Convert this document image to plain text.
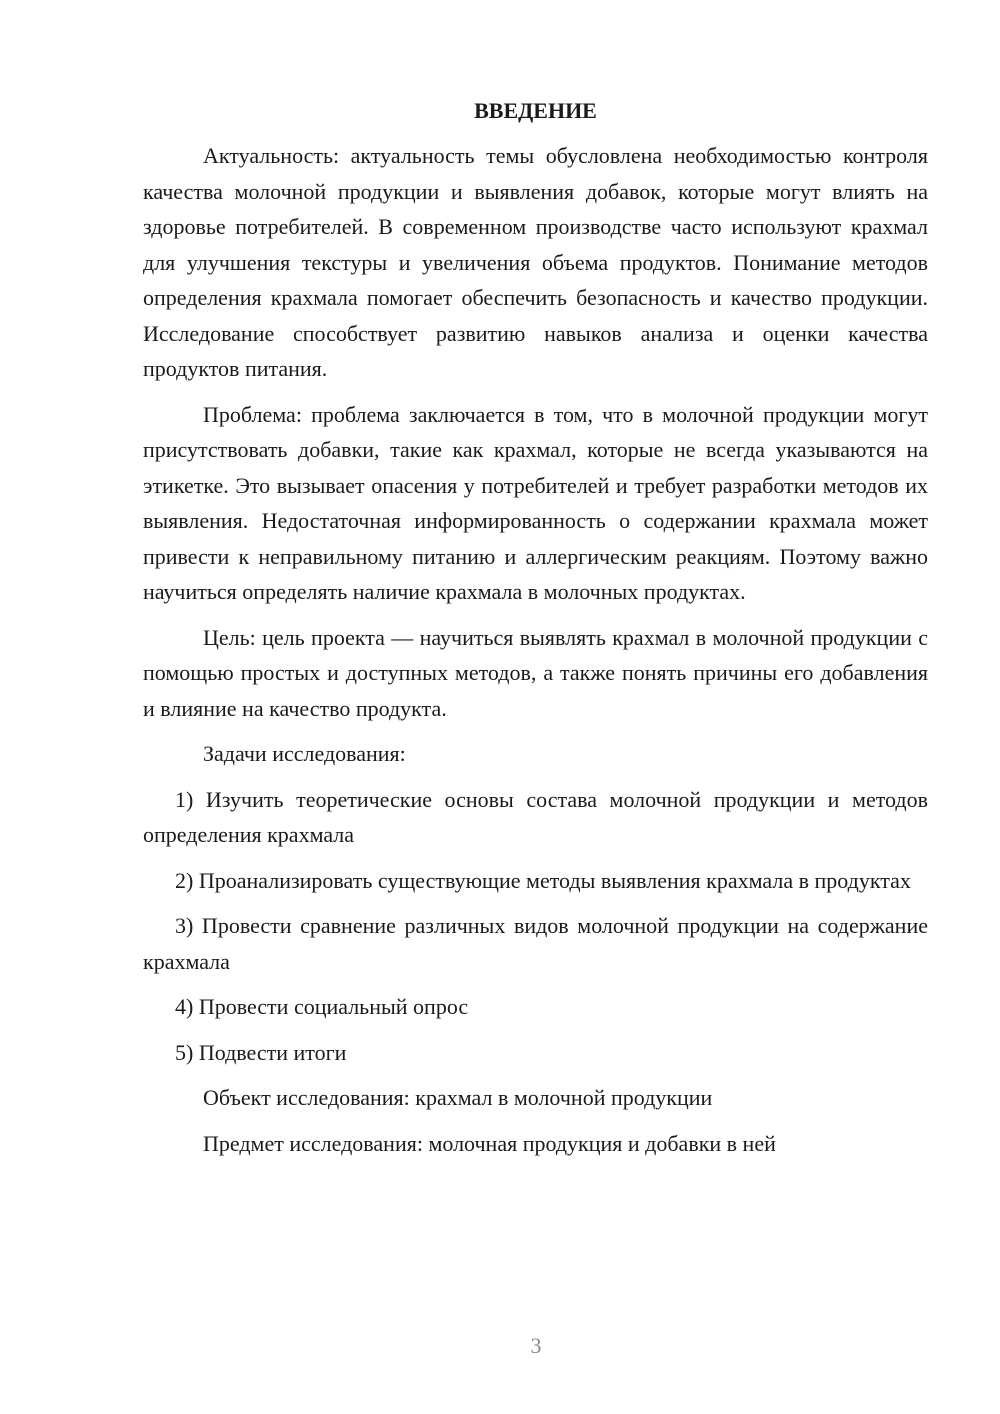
ВВЕДЕНИЕ
Актуальность: актуальность темы обусловлена необходимостью контроля качества молочной продукции и выявления добавок, которые могут влиять на здоровье потребителей. В современном производстве часто используют крахмал для улучшения текстуры и увеличения объема продуктов. Понимание методов определения крахмала помогает обеспечить безопасность и качество продукции. Исследование способствует развитию навыков анализа и оценки качества продуктов питания.
Проблема: проблема заключается в том, что в молочной продукции могут присутствовать добавки, такие как крахмал, которые не всегда указываются на этикетке. Это вызывает опасения у потребителей и требует разработки методов их выявления. Недостаточная информированность о содержании крахмала может привести к неправильному питанию и аллергическим реакциям. Поэтому важно научиться определять наличие крахмала в молочных продуктах.
Цель: цель проекта — научиться выявлять крахмал в молочной продукции с помощью простых и доступных методов, а также понять причины его добавления и влияние на качество продукта.
Задачи исследования:
1) Изучить теоретические основы состава молочной продукции и методов определения крахмала
2) Проанализировать существующие методы выявления крахмала в продуктах
3) Провести сравнение различных видов молочной продукции на содержание крахмала
4) Провести социальный опрос
5) Подвести итоги
Объект исследования: крахмал в молочной продукции
Предмет исследования: молочная продукция и добавки в ней
3
